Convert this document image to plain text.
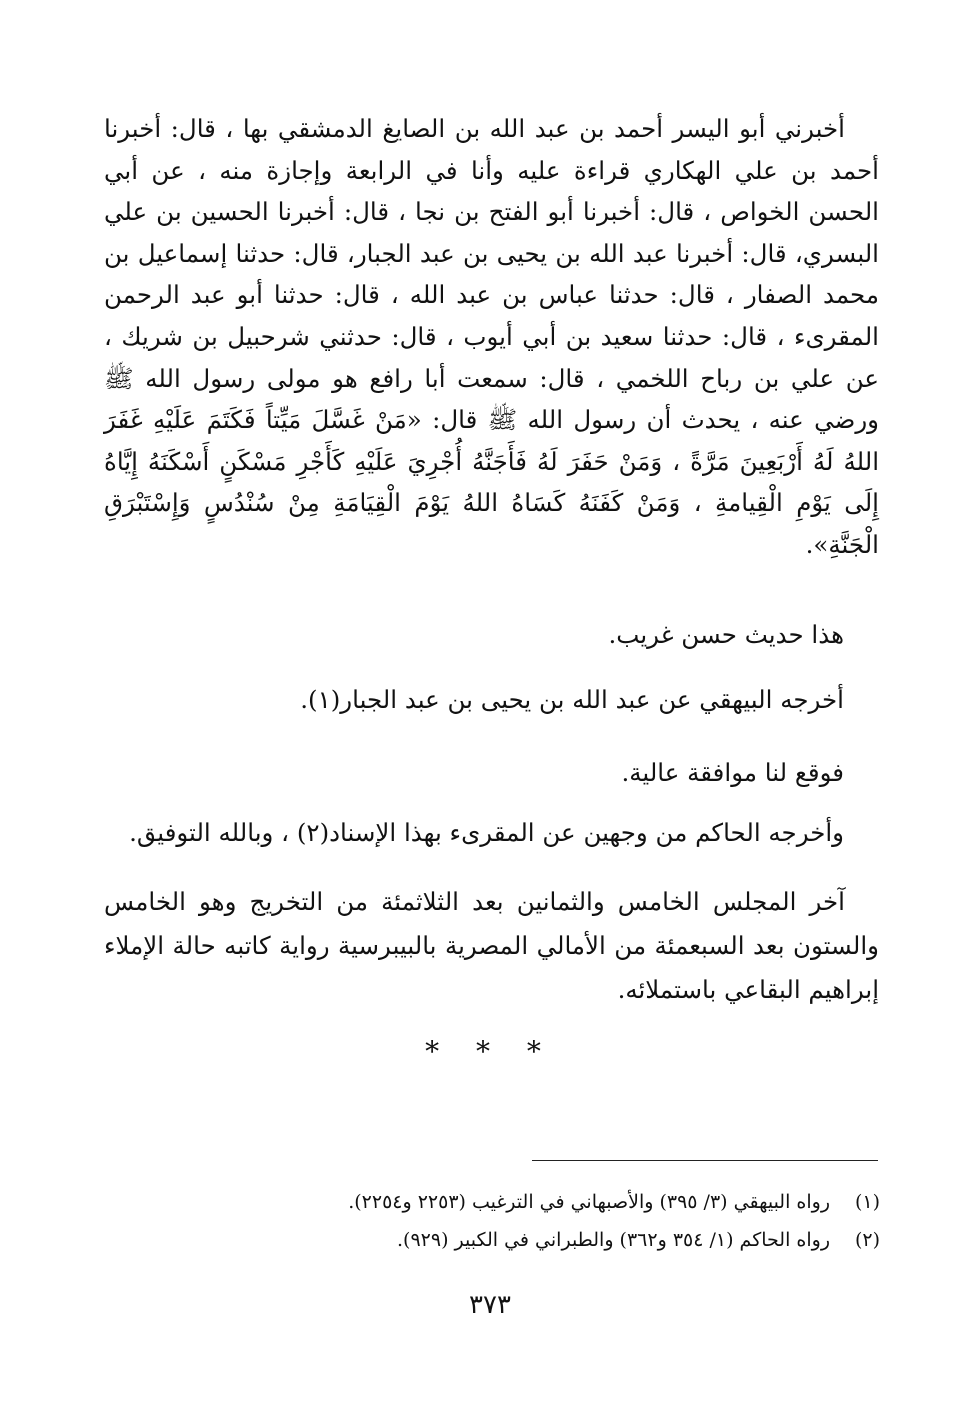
أخبرني أبو اليسر أحمد بن عبد الله بن الصايغ الدمشقي بها ، قال: أخبرنا أحمد بن علي الهكاري قراءة عليه وأنا في الرابعة وإجازة منه ، عن أبي الحسن الخواص ، قال: أخبرنا أبو الفتح بن نجا ، قال: أخبرنا الحسين بن علي البسري، قال: أخبرنا عبد الله بن يحيى بن عبد الجبار، قال: حدثنا إسماعيل بن محمد الصفار ، قال: حدثنا عباس بن عبد الله ، قال: حدثنا أبو عبد الرحمن المقرىء ، قال: حدثنا سعيد بن أبي أيوب ، قال: حدثني شرحبيل بن شريك ، عن علي بن رباح اللخمي ، قال: سمعت أبا رافع هو مولى رسول الله ﷺ ورضي عنه ، يحدث أن رسول الله ﷺ قال: «مَنْ غَسَّلَ مَيِّتاً فَكَتَمَ عَلَيْهِ غَفَرَ اللهُ لَهُ أَرْبَعِينَ مَرَّةً ، وَمَنْ حَفَرَ لَهُ فَأَجَنَّهُ أُجْرِيَ عَلَيْهِ كَأَجْرِ مَسْكَنٍ أَسْكَنَهُ إِيَّاهُ إِلَى يَوْمِ الْقِيامةِ ، وَمَنْ كَفَنَهُ كَسَاهُ اللهُ يَوْمَ الْقِيَامَةِ مِنْ سُنْدُسٍ وَإِسْتَبْرَقِ الْجَنَّةِ».

هذا حديث حسن غريب.

أخرجه البيهقي عن عبد الله بن يحيى بن عبد الجبار(١).

فوقع لنا موافقة عالية.

وأخرجه الحاكم من وجهين عن المقرىء بهذا الإسناد(٢) ، وبالله التوفيق.

آخر المجلس الخامس والثمانين بعد الثلاثمئة من التخريج وهو الخامس والستون بعد السبعمئة من الأمالي المصرية بالبيبرسية رواية كاتبه حالة الإملاء إبراهيم البقاعي باستملائه.

* * *

(١)رواه البيهقي (٣/ ٣٩٥) والأصبهاني في الترغيب (٢٢٥٣ و٢٢٥٤).
(٢)رواه الحاكم (١/ ٣٥٤ و٣٦٢) والطبراني في الكبير (٩٢٩).

٣٧٣
